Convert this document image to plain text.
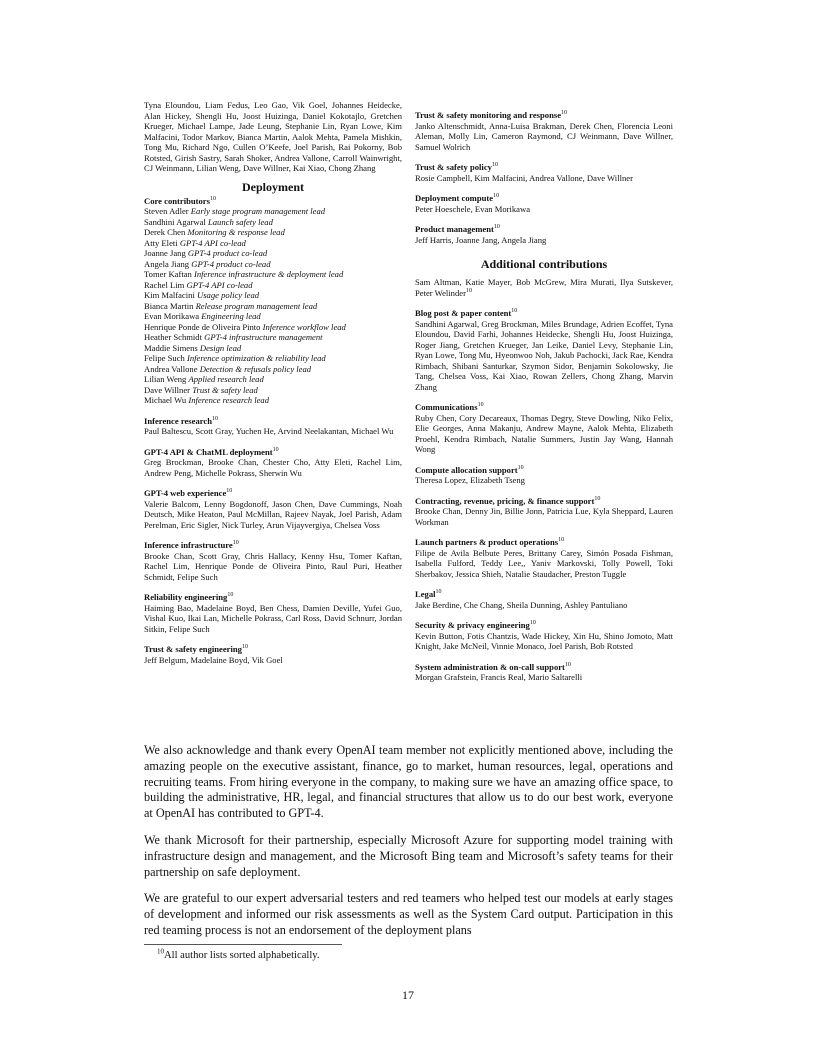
Tyna Eloundou, Liam Fedus, Leo Gao, Vik Goel, Johannes Heidecke, Alan Hickey, Shengli Hu, Joost Huizinga, Daniel Kokotajlo, Gretchen Krueger, Michael Lampe, Jade Leung, Stephanie Lin, Ryan Lowe, Kim Malfacini, Todor Markov, Bianca Martin, Aalok Mehta, Pamela Mishkin, Tong Mu, Richard Ngo, Cullen O’Keefe, Joel Parish, Rai Pokorny, Bob Rotsted, Girish Sastry, Sarah Shoker, Andrea Vallone, Carroll Wainwright, CJ Weinmann, Lilian Weng, Dave Willner, Kai Xiao, Chong Zhang
Deployment
Core contributors$^{10}$
Steven Adler Early stage program management lead
Sandhini Agarwal Launch safety lead
Derek Chen Monitoring & response lead
Atty Eleti GPT-4 API co-lead
Joanne Jang GPT-4 product co-lead
Angela Jiang GPT-4 product co-lead
Tomer Kaftan Inference infrastructure & deployment lead
Rachel Lim GPT-4 API co-lead
Kim Malfacini Usage policy lead
Bianca Martin Release program management lead
Evan Morikawa Engineering lead
Henrique Ponde de Oliveira Pinto Inference workflow lead
Heather Schmidt GPT-4 infrastructure management
Maddie Simens Design lead
Felipe Such Inference optimization & reliability lead
Andrea Vallone Detection & refusals policy lead
Lilian Weng Applied research lead
Dave Willner Trust & safety lead
Michael Wu Inference research lead
Inference research$^{10}$
Paul Baltescu, Scott Gray, Yuchen He, Arvind Neelakantan, Michael Wu
GPT-4 API & ChatML deployment$^{10}$
Greg Brockman, Brooke Chan, Chester Cho, Atty Eleti, Rachel Lim, Andrew Peng, Michelle Pokrass, Sherwin Wu
GPT-4 web experience$^{10}$
Valerie Balcom, Lenny Bogdonoff, Jason Chen, Dave Cummings, Noah Deutsch, Mike Heaton, Paul McMillan, Rajeev Nayak, Joel Parish, Adam Perelman, Eric Sigler, Nick Turley, Arun Vijayvergiya, Chelsea Voss
Inference infrastructure$^{10}$
Brooke Chan, Scott Gray, Chris Hallacy, Kenny Hsu, Tomer Kaftan, Rachel Lim, Henrique Ponde de Oliveira Pinto, Raul Puri, Heather Schmidt, Felipe Such
Reliability engineering$^{10}$
Haiming Bao, Madelaine Boyd, Ben Chess, Damien Deville, Yufei Guo, Vishal Kuo, Ikai Lan, Michelle Pokrass, Carl Ross, David Schnurr, Jordan Sitkin, Felipe Such
Trust & safety engineering$^{10}$
Jeff Belgum, Madelaine Boyd, Vik Goel
Trust & safety monitoring and response$^{10}$
Janko Altenschmidt, Anna-Luisa Brakman, Derek Chen, Florencia Leoni Aleman, Molly Lin, Cameron Raymond, CJ Weinmann, Dave Willner, Samuel Wolrich
Trust & safety policy$^{10}$
Rosie Campbell, Kim Malfacini, Andrea Vallone, Dave Willner
Deployment compute$^{10}$
Peter Hoeschele, Evan Morikawa
Product management$^{10}$
Jeff Harris, Joanne Jang, Angela Jiang
Additional contributions
Sam Altman, Katie Mayer, Bob McGrew, Mira Murati, Ilya Sutskever, Peter Welinder$^{10}$
Blog post & paper content$^{10}$
Sandhini Agarwal, Greg Brockman, Miles Brundage, Adrien Ecoffet, Tyna Eloundou, David Farhi, Johannes Heidecke, Shengli Hu, Joost Huizinga, Roger Jiang, Gretchen Krueger, Jan Leike, Daniel Levy, Stephanie Lin, Ryan Lowe, Tong Mu, Hyeonwoo Noh, Jakub Pachocki, Jack Rae, Kendra Rimbach, Shibani Santurkar, Szymon Sidor, Benjamin Sokolowsky, Jie Tang, Chelsea Voss, Kai Xiao, Rowan Zellers, Chong Zhang, Marvin Zhang
Communications$^{10}$
Ruby Chen, Cory Decareaux, Thomas Degry, Steve Dowling, Niko Felix, Elie Georges, Anna Makanju, Andrew Mayne, Aalok Mehta, Elizabeth Proehl, Kendra Rimbach, Natalie Summers, Justin Jay Wang, Hannah Wong
Compute allocation support$^{10}$
Theresa Lopez, Elizabeth Tseng
Contracting, revenue, pricing, & finance support$^{10}$
Brooke Chan, Denny Jin, Billie Jonn, Patricia Lue, Kyla Sheppard, Lauren Workman
Launch partners & product operations$^{10}$
Filipe de Avila Belbute Peres, Brittany Carey, Simón Posada Fishman, Isabella Fulford, Teddy Lee,, Yaniv Markovski, Tolly Powell, Toki Sherbakov, Jessica Shieh, Natalie Staudacher, Preston Tuggle
Legal$^{10}$
Jake Berdine, Che Chang, Sheila Dunning, Ashley Pantuliano
Security & privacy engineering$^{10}$
Kevin Button, Fotis Chantzis, Wade Hickey, Xin Hu, Shino Jomoto, Matt Knight, Jake McNeil, Vinnie Monaco, Joel Parish, Bob Rotsted
System administration & on-call support$^{10}$
Morgan Grafstein, Francis Real, Mario Saltarelli

We also acknowledge and thank every OpenAI team member not explicitly mentioned above, including the amazing people on the executive assistant, finance, go to market, human resources, legal, operations and recruiting teams. From hiring everyone in the company, to making sure we have an amazing office space, to building the administrative, HR, legal, and financial structures that allow us to do our best work, everyone at OpenAI has contributed to GPT-4.

We thank Microsoft for their partnership, especially Microsoft Azure for supporting model training with infrastructure design and management, and the Microsoft Bing team and Microsoft’s safety teams for their partnership on safe deployment.

We are grateful to our expert adversarial testers and red teamers who helped test our models at early stages of development and informed our risk assessments as well as the System Card output. Participation in this red teaming process is not an endorsement of the deployment plans

$^{10}$All author lists sorted alphabetically.
17
